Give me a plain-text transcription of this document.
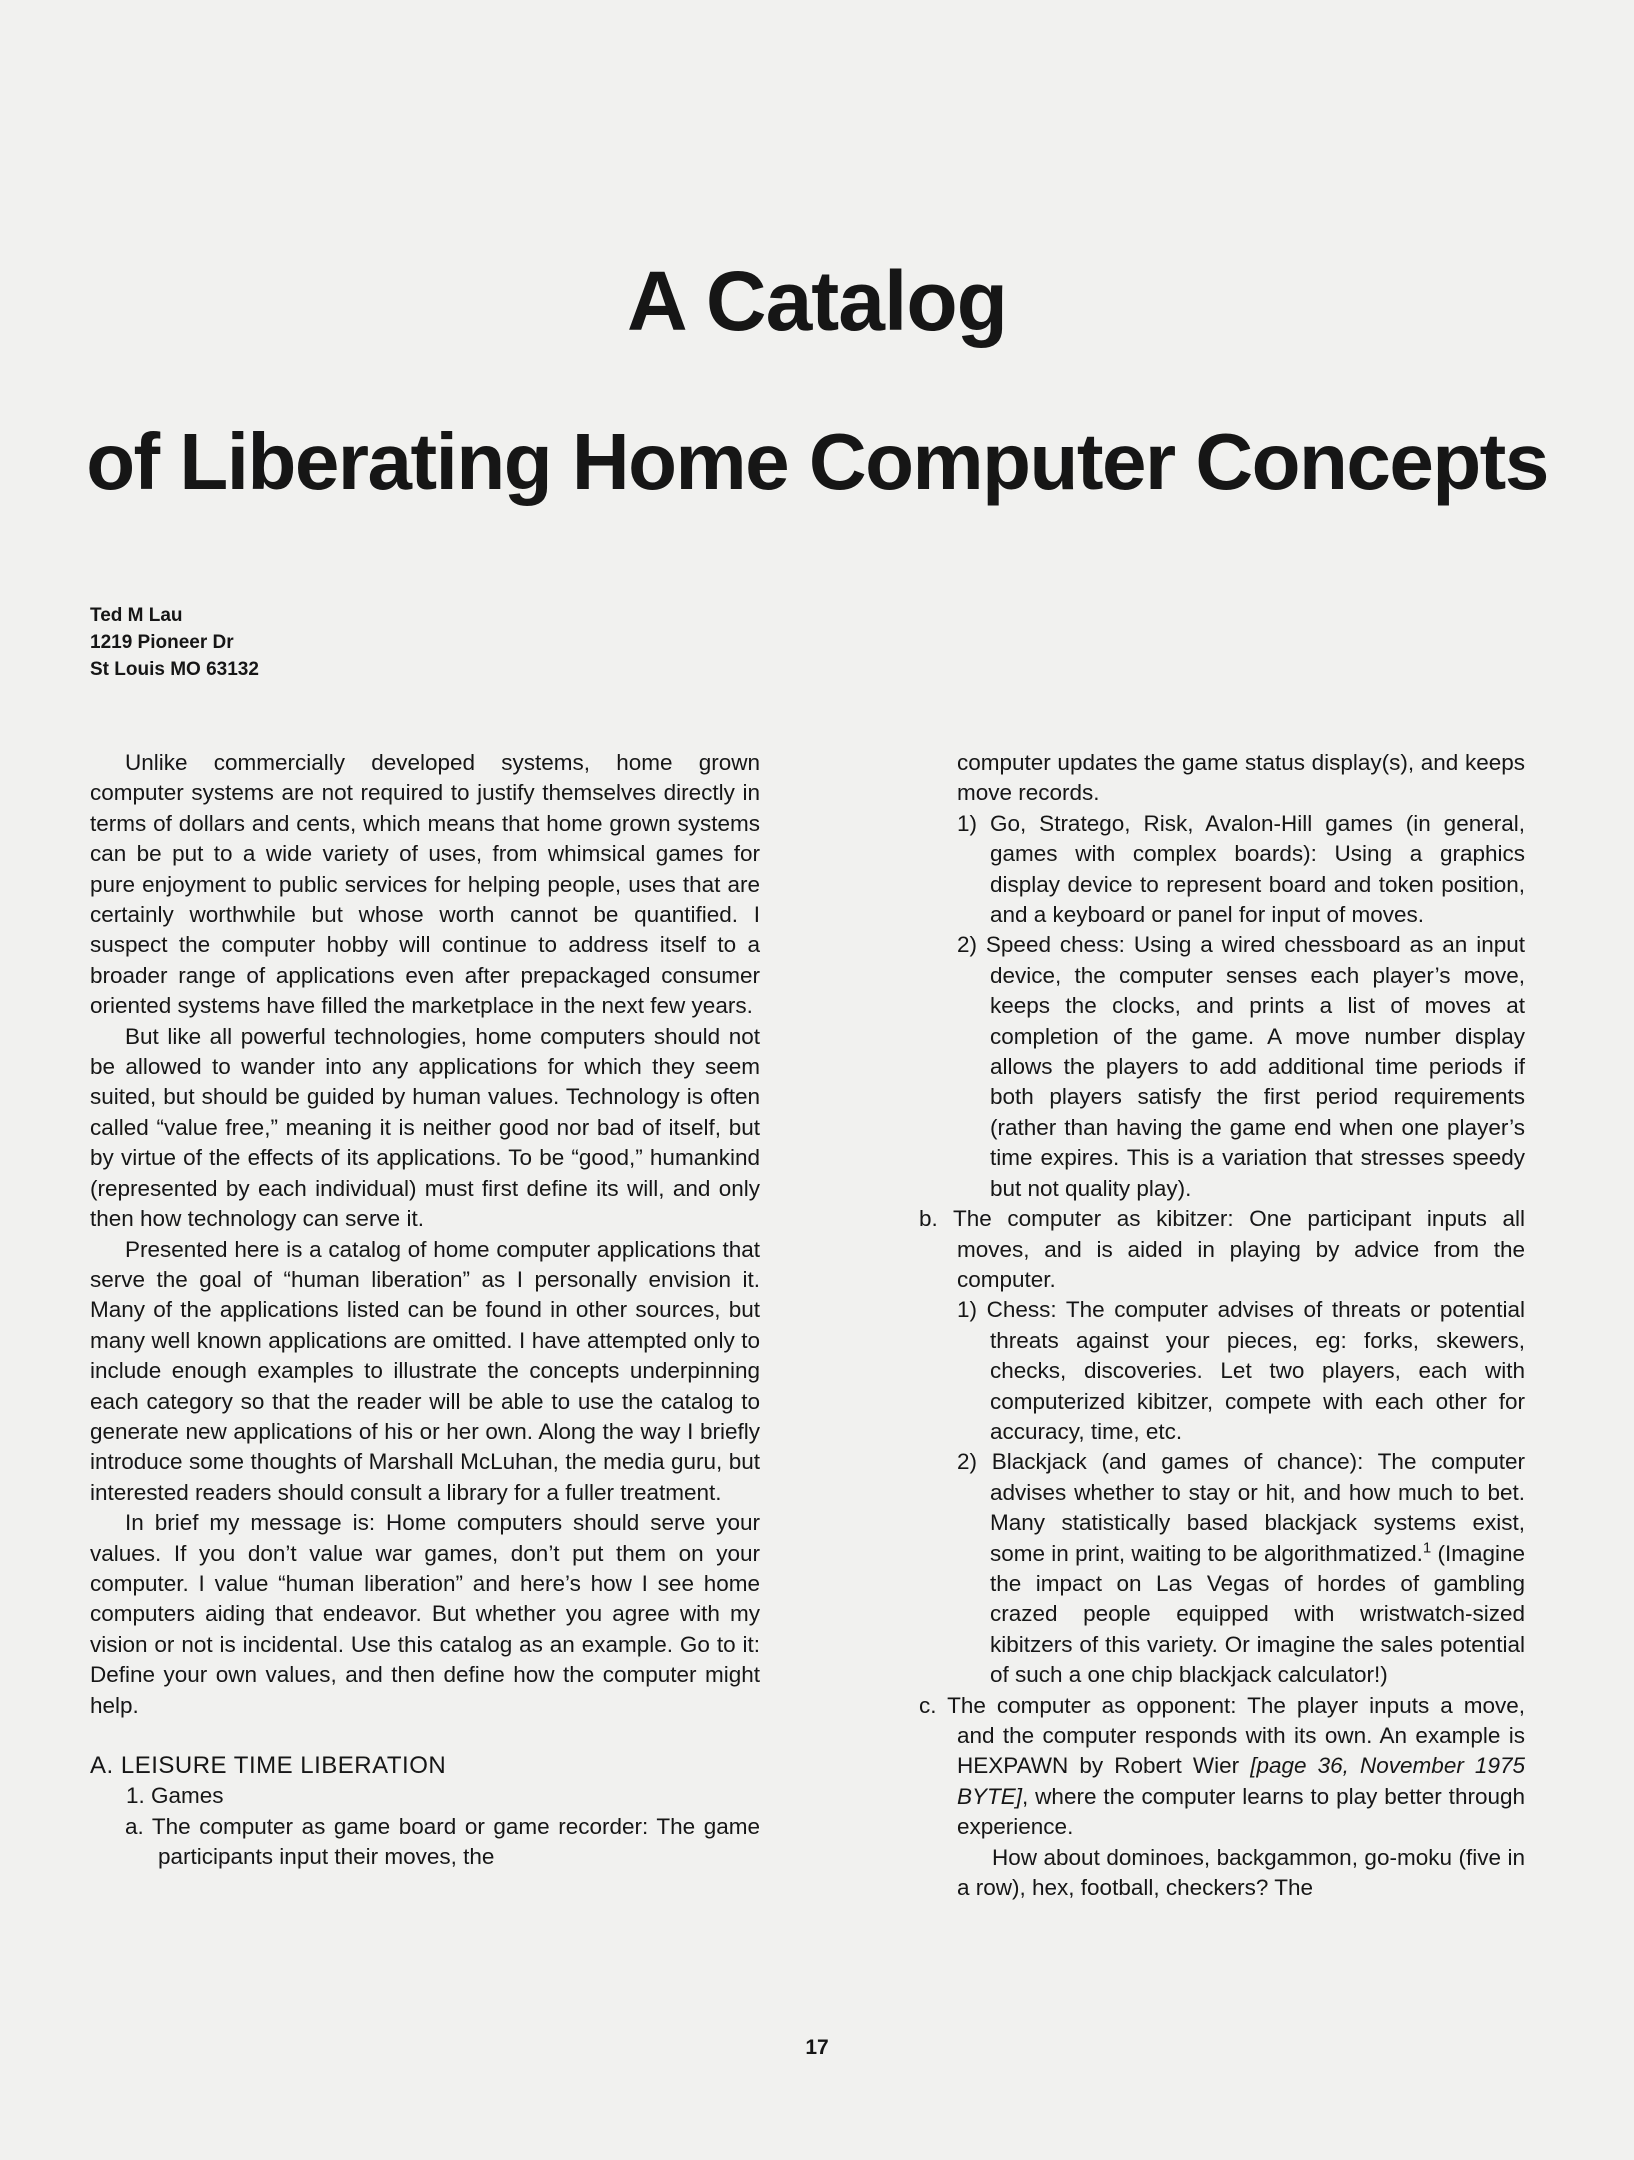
A Catalog
of Liberating Home Computer Concepts
Ted M Lau
1219 Pioneer Dr
St Louis MO 63132

Unlike commercially developed systems, home grown computer systems are not required to justify themselves directly in terms of dollars and cents, which means that home grown systems can be put to a wide variety of uses, from whimsical games for pure enjoyment to public services for helping people, uses that are certainly worthwhile but whose worth cannot be quantified. I suspect the computer hobby will continue to address itself to a broader range of applications even after prepackaged consumer oriented systems have filled the marketplace in the next few years.

But like all powerful technologies, home computers should not be allowed to wander into any applications for which they seem suited, but should be guided by human values. Technology is often called “value free,” meaning it is neither good nor bad of itself, but by virtue of the effects of its applications. To be “good,” humankind (represented by each individual) must first define its will, and only then how technology can serve it.

Presented here is a catalog of home computer applications that serve the goal of “human liberation” as I personally envision it. Many of the applications listed can be found in other sources, but many well known applications are omitted. I have attempted only to include enough examples to illustrate the concepts underpinning each category so that the reader will be able to use the catalog to generate new applications of his or her own. Along the way I briefly introduce some thoughts of Marshall McLuhan, the media guru, but interested readers should consult a library for a fuller treatment.

In brief my message is: Home computers should serve your values. If you don’t value war games, don’t put them on your computer. I value “human liberation” and here’s how I see home computers aiding that endeavor. But whether you agree with my vision or not is incidental. Use this catalog as an example. Go to it: Define your own values, and then define how the computer might help.

A. LEISURE TIME LIBERATION

1. Games

a. The computer as game board or game recorder: The game participants input their moves, the

computer updates the game status display(s), and keeps move records.

1) Go, Stratego, Risk, Avalon-Hill games (in general, games with complex boards): Using a graphics display device to represent board and token position, and a keyboard or panel for input of moves.

2) Speed chess: Using a wired chessboard as an input device, the computer senses each player’s move, keeps the clocks, and prints a list of moves at completion of the game. A move number display allows the players to add additional time periods if both players satisfy the first period requirements (rather than having the game end when one player’s time expires. This is a variation that stresses speedy but not quality play).

b. The computer as kibitzer: One participant inputs all moves, and is aided in playing by advice from the computer.

1) Chess: The computer advises of threats or potential threats against your pieces, eg: forks, skewers, checks, discoveries. Let two players, each with computerized kibitzer, compete with each other for accuracy, time, etc.

2) Blackjack (and games of chance): The computer advises whether to stay or hit, and how much to bet. Many statistically based blackjack systems exist, some in print, waiting to be algorithmatized.$^1$ (Imagine the impact on Las Vegas of hordes of gambling crazed people equipped with wristwatch-sized kibitzers of this variety. Or imagine the sales potential of such a one chip blackjack calculator!)

c. The computer as opponent: The player inputs a move, and the computer responds with its own. An example is HEXPAWN by Robert Wier [page 36, November 1975 BYTE], where the computer learns to play better through experience.

How about dominoes, backgammon, go-moku (five in a row), hex, football, checkers? The

17
